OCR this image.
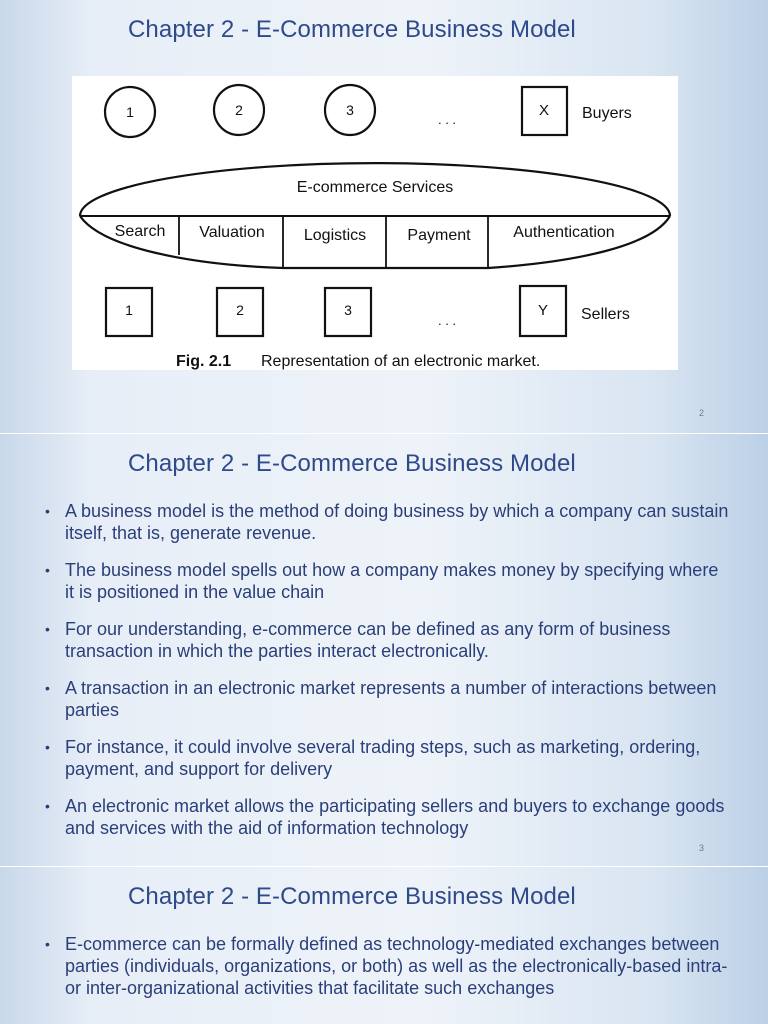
Chapter 2 - E-Commerce Business Model
1	2	3
. . .
X Buyers
E-commerce Services
Search Valuation Logistics	Payment	Authentication
1	2	3
. . .
Y Sellers
Fig. 2.1 Representation of an electronic market.
2
Chapter 2 - E-Commerce Business Model
• A business model is the method of doing business by which a company can sustain itself, that is, generate revenue.
• The business model spells out how a company makes money by specifying where it is positioned in the value chain
• For our understanding, e-commerce can be defined as any form of business transaction in which the parties interact electronically.
• A transaction in an electronic market represents a number of interactions between parties
• For instance, it could involve several trading steps, such as marketing, ordering, payment, and support for delivery
• An electronic market allows the participating sellers and buyers to exchange goods and services with the aid of information technology
3
Chapter 2 - E-Commerce Business Model
• E-commerce can be formally defined as technology-mediated exchanges between parties (individuals, organizations, or both) as well as the electronically-based intra- or inter-organizational activities that facilitate such exchanges
